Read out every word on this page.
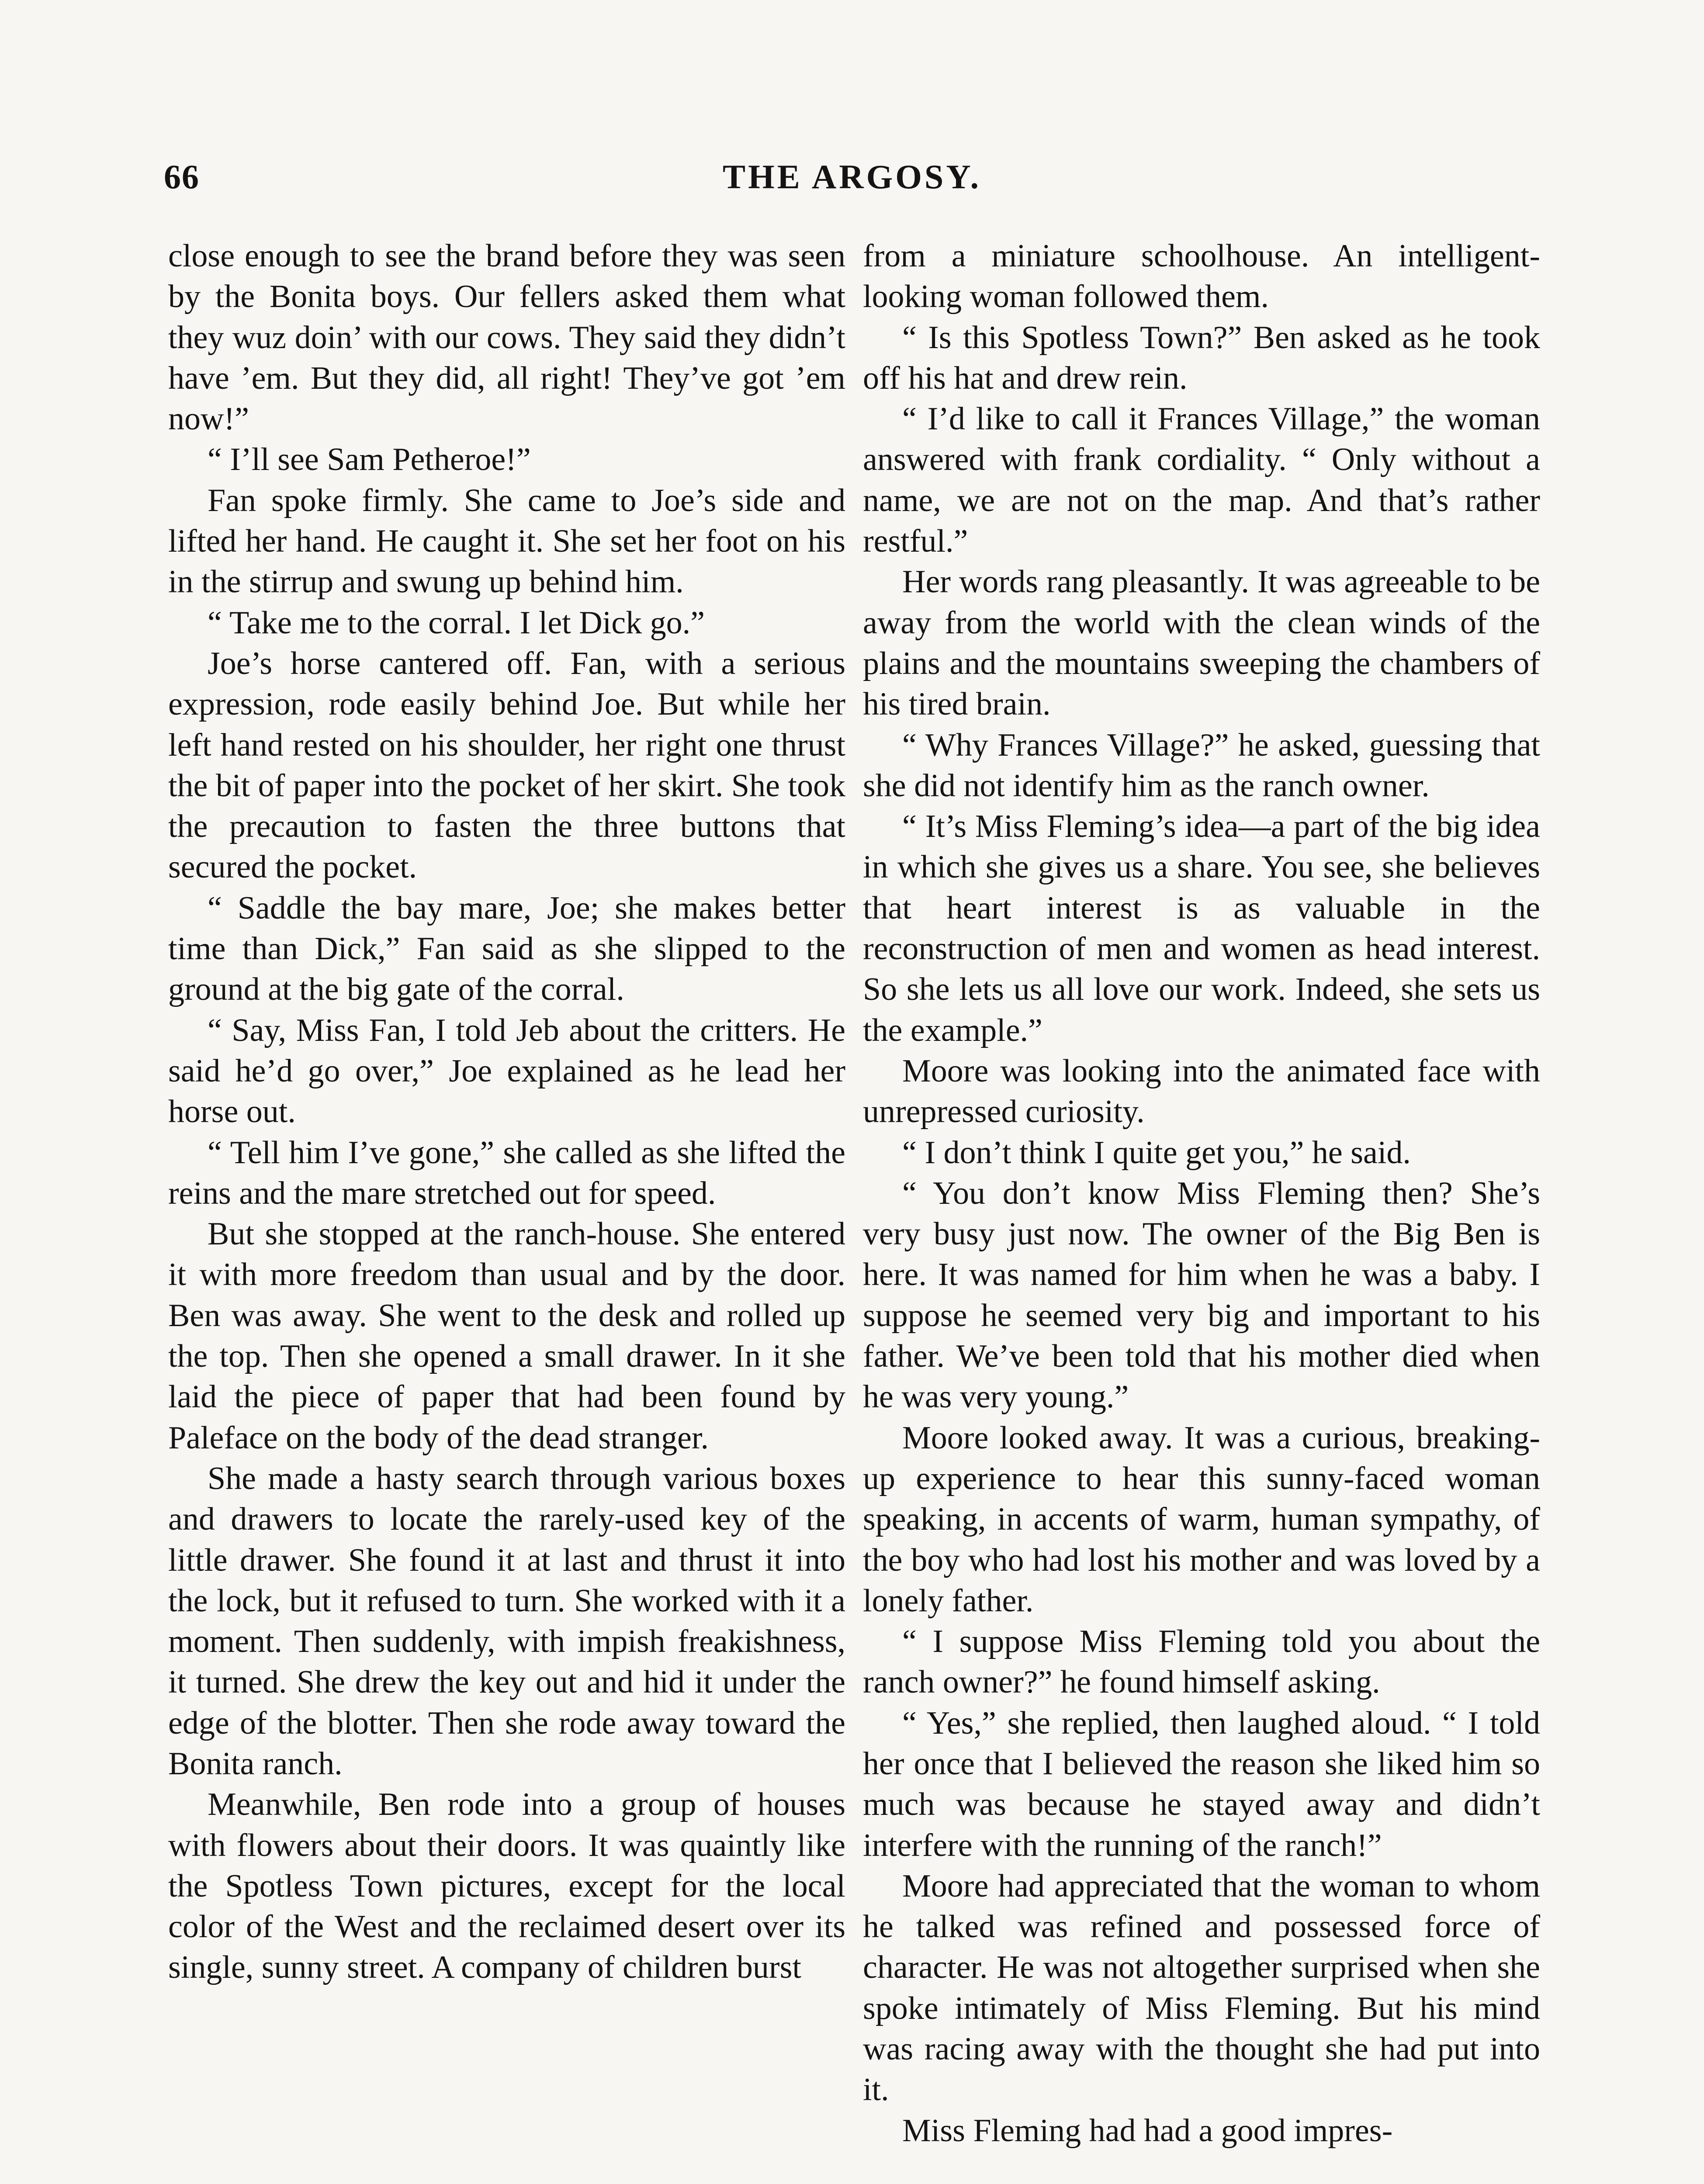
66	THE ARGOSY.

close enough to see the brand before they was seen by the Bonita boys. Our fellers asked them what they wuz doin’ with our cows. They said they didn’t have ’em. But they did, all right! They’ve got ’em now!”

“ I’ll see Sam Petheroe!”

Fan spoke firmly. She came to Joe’s side and lifted her hand. He caught it. She set her foot on his in the stirrup and swung up behind him.

“ Take me to the corral. I let Dick go.”

Joe’s horse cantered off. Fan, with a serious expression, rode easily behind Joe. But while her left hand rested on his shoulder, her right one thrust the bit of paper into the pocket of her skirt. She took the precaution to fasten the three buttons that secured the pocket.

“ Saddle the bay mare, Joe; she makes better time than Dick,” Fan said as she slipped to the ground at the big gate of the corral.

“ Say, Miss Fan, I told Jeb about the critters. He said he’d go over,” Joe explained as he lead her horse out.

“ Tell him I’ve gone,” she called as she lifted the reins and the mare stretched out for speed.

But she stopped at the ranch-house. She entered it with more freedom than usual and by the door. Ben was away. She went to the desk and rolled up the top. Then she opened a small drawer. In it she laid the piece of paper that had been found by Paleface on the body of the dead stranger.

She made a hasty search through various boxes and drawers to locate the rarely-used key of the little drawer. She found it at last and thrust it into the lock, but it refused to turn. She worked with it a moment. Then suddenly, with impish freakishness, it turned. She drew the key out and hid it under the edge of the blotter. Then she rode away toward the Bonita ranch.

Meanwhile, Ben rode into a group of houses with flowers about their doors. It was quaintly like the Spotless Town pictures, except for the local color of the West and the reclaimed desert over its single, sunny street. A company of children burst

from a miniature schoolhouse. An intelligent-looking woman followed them.

“ Is this Spotless Town?” Ben asked as he took off his hat and drew rein.

“ I’d like to call it Frances Village,” the woman answered with frank cordiality. “ Only without a name, we are not on the map. And that’s rather restful.”

Her words rang pleasantly. It was agreeable to be away from the world with the clean winds of the plains and the mountains sweeping the chambers of his tired brain.

“ Why Frances Village?” he asked, guessing that she did not identify him as the ranch owner.

“ It’s Miss Fleming’s idea—a part of the big idea in which she gives us a share. You see, she believes that heart interest is as valuable in the reconstruction of men and women as head interest. So she lets us all love our work. Indeed, she sets us the example.”

Moore was looking into the animated face with unrepressed curiosity.

“ I don’t think I quite get you,” he said.

“ You don’t know Miss Fleming then? She’s very busy just now. The owner of the Big Ben is here. It was named for him when he was a baby. I suppose he seemed very big and important to his father. We’ve been told that his mother died when he was very young.”

Moore looked away. It was a curious, breaking-up experience to hear this sunny-faced woman speaking, in accents of warm, human sympathy, of the boy who had lost his mother and was loved by a lonely father.

“ I suppose Miss Fleming told you about the ranch owner?” he found himself asking.

“ Yes,” she replied, then laughed aloud. “ I told her once that I believed the reason she liked him so much was because he stayed away and didn’t interfere with the running of the ranch!”

Moore had appreciated that the woman to whom he talked was refined and possessed force of character. He was not altogether surprised when she spoke intimately of Miss Fleming. But his mind was racing away with the thought she had put into it.

Miss Fleming had had a good impres-
